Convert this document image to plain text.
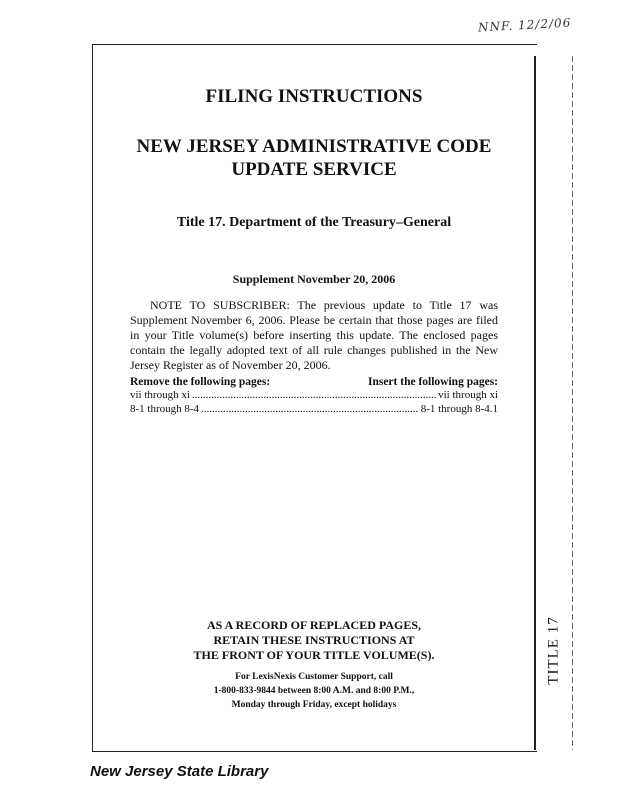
NNF. 12/2/06
TITLE 17
FILING INSTRUCTIONS
NEW JERSEY ADMINISTRATIVE CODE
UPDATE SERVICE
Title 17. Department of the Treasury–General
Supplement November 20, 2006

NOTE TO SUBSCRIBER: The previous update to Title 17 was Supplement November 6, 2006. Please be certain that those pages are filed in your Title volume(s) before inserting this update. The enclosed pages contain the legally adopted text of all rule changes published in the New Jersey Register as of November 20, 2006.

Remove the following pages:	Insert the following pages:
vii through xi .....	vii through xi
8-1 through 8-4 .....	8-1 through 8-4.1
AS A RECORD OF REPLACED PAGES,
RETAIN THESE INSTRUCTIONS AT
THE FRONT OF YOUR TITLE VOLUME(S).
For LexisNexis Customer Support, call
1-800-833-9844 between 8:00 A.M. and 8:00 P.M.,
Monday through Friday, except holidays
New Jersey State Library
